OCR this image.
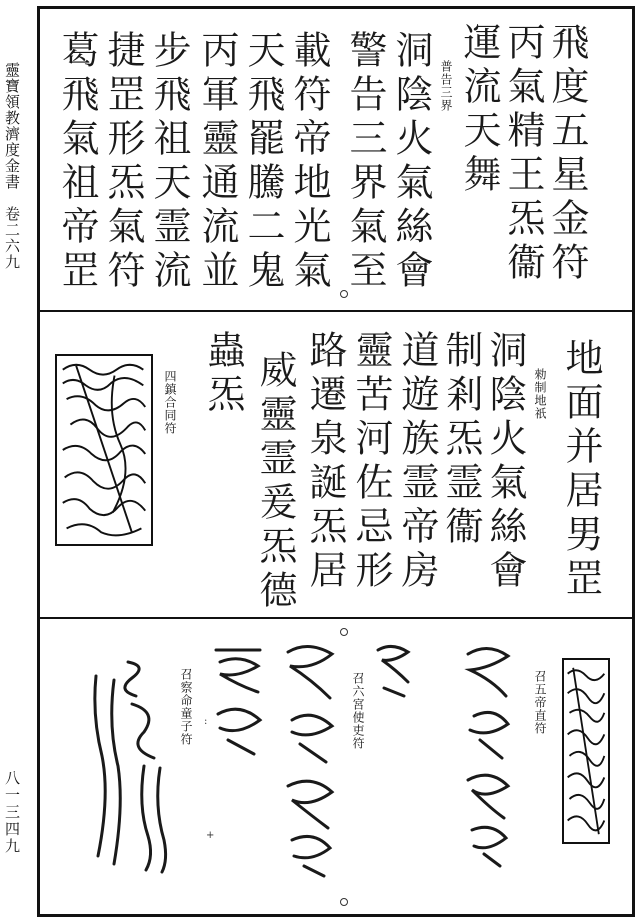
靈寶領教濟度金書　卷二六九
八一三四九
普告三界 飛度五星金符
丙氣精王炁衞
運流天舞
洞陰火氣絲會
警告三界氣至
載符帝地光氣
天飛罷騰二鬼
丙軍靈通流並
步飛祖天霊流
捷罡形炁氣符
葛飛氣祖帝罡
勑制地祇
四鎮合同符	地面并居男罡
洞陰火氣絲會
制剎炁霊衞
道遊族霊帝房
靈苦河佐忌形
路遷泉誕炁居
威靈霊爰炁德
蟲炁
召五帝直符
召六宮使吏符
召察命童子符 :
+
